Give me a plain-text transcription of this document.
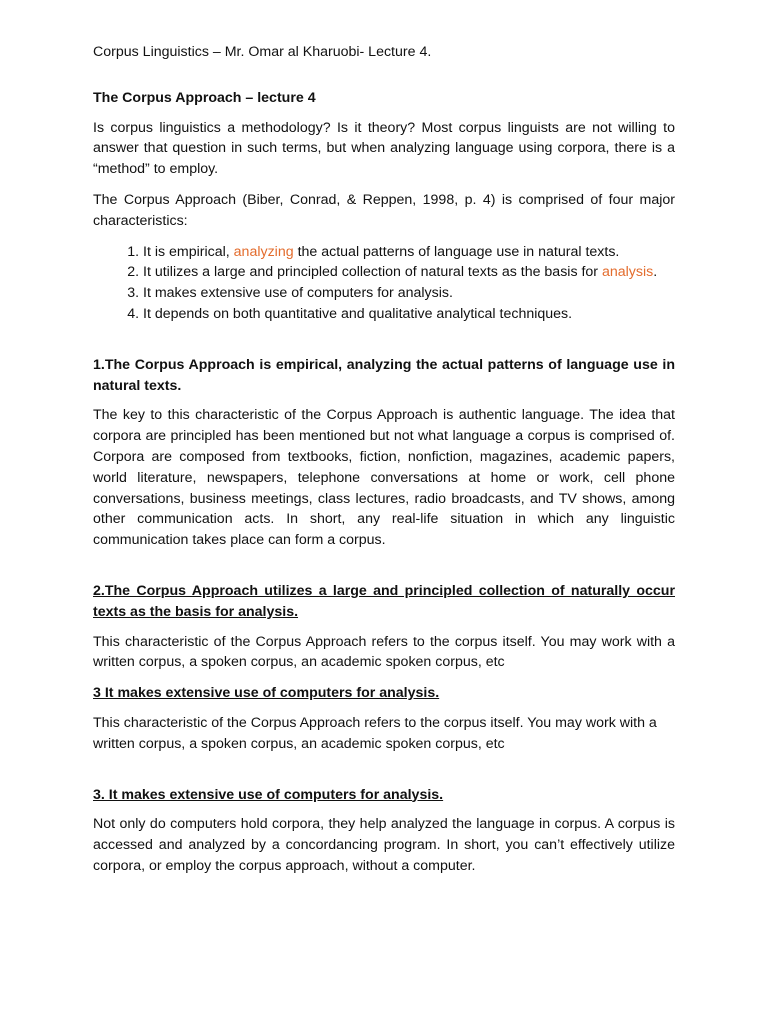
Corpus Linguistics – Mr. Omar al Kharuobi- Lecture 4.

The Corpus Approach – lecture 4

Is corpus linguistics a methodology? Is it theory? Most corpus linguists are not willing to answer that question in such terms, but when analyzing language using corpora, there is a “method” to employ.

The Corpus Approach (Biber, Conrad, & Reppen, 1998, p. 4) is comprised of four major characteristics:

1. It is empirical, analyzing the actual patterns of language use in natural texts.
2. It utilizes a large and principled collection of natural texts as the basis for analysis.
3. It makes extensive use of computers for analysis.
4. It depends on both quantitative and qualitative analytical techniques.

1.The Corpus Approach is empirical, analyzing the actual patterns of language use in natural texts.

The key to this characteristic of the Corpus Approach is authentic language. The idea that corpora are principled has been mentioned but not what language a corpus is comprised of. Corpora are composed from textbooks, fiction, nonfiction, magazines, academic papers, world literature, newspapers, telephone conversations at home or work, cell phone conversations, business meetings, class lectures, radio broadcasts, and TV shows, among other communication acts. In short, any real-life situation in which any linguistic communication takes place can form a corpus.

2.The Corpus Approach utilizes a large and principled collection of naturally occur texts as the basis for analysis.

This characteristic of the Corpus Approach refers to the corpus itself. You may work with a written corpus, a spoken corpus, an academic spoken corpus, etc

3 It makes extensive use of computers for analysis.

This characteristic of the Corpus Approach refers to the corpus itself. You may work with a written corpus, a spoken corpus, an academic spoken corpus, etc

3. It makes extensive use of computers for analysis.

Not only do computers hold corpora, they help analyzed the language in corpus. A corpus is accessed and analyzed by a concordancing program. In short, you can’t effectively utilize corpora, or employ the corpus approach, without a computer.
